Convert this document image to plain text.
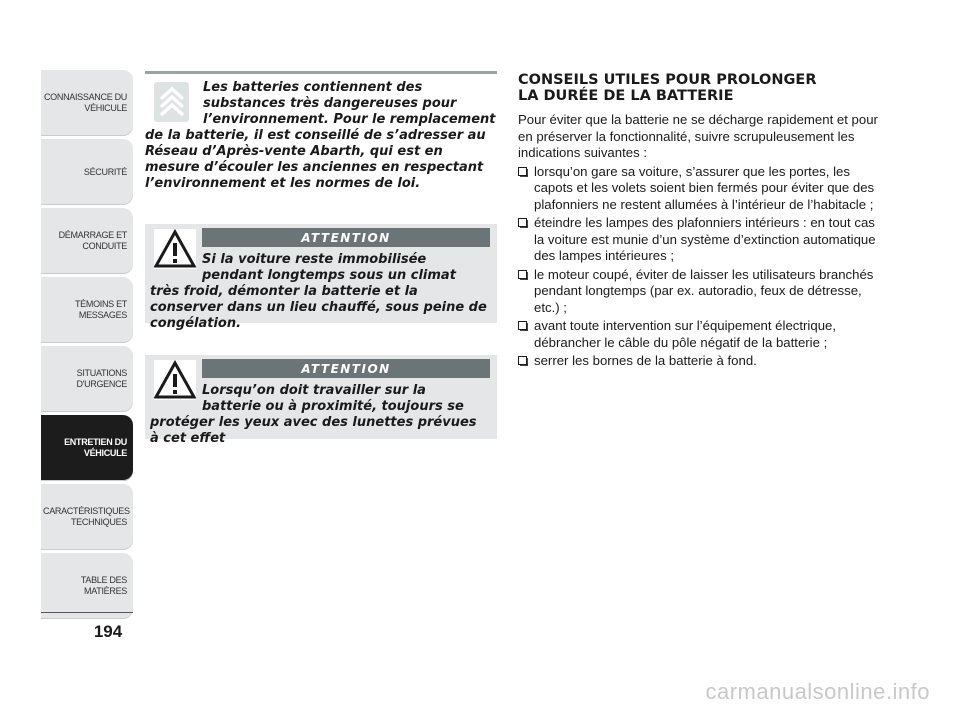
CONNAISSANCE DU VÉHICULE
SÉCURITÉ
DÉMARRAGE ET CONDUITE
TÉMOINS ET MESSAGES
SITUATIONS D'URGENCE
ENTRETIEN DU VÉHICULE
CARACTÉRISTIQUES TECHNIQUES
TABLE DES MATIÈRES
194

Les batteries contiennent des substances très dangereuses pour l’environnement. Pour le remplacement de la batterie, il est conseillé de s’adresser au Réseau d’Après-vente Abarth, qui est en mesure d’écouler les anciennes en respectant l’environnement et les normes de loi.

ATTENTION

Si la voiture reste immobilisée pendant longtemps sous un climat très froid, démonter la batterie et la conserver dans un lieu chauffé, sous peine de congélation.

ATTENTION

Lorsqu’on doit travailler sur la batterie ou à proximité, toujours se protéger les yeux avec des lunettes prévues à cet effet

CONSEILS UTILES POUR PROLONGER
LA DURÉE DE LA BATTERIE

Pour éviter que la batterie ne se décharge rapidement et pour en préserver la fonctionnalité, suivre scrupuleusement les indications suivantes :

lorsqu’on gare sa voiture, s’assurer que les portes, les capots et les volets soient bien fermés pour éviter que des plafonniers ne restent allumées à l’intérieur de l’habitacle ;
éteindre les lampes des plafonniers intérieurs : en tout cas la voiture est munie d’un système d’extinction automatique des lampes intérieures ;
le moteur coupé, éviter de laisser les utilisateurs branchés pendant longtemps (par ex. autoradio, feux de détresse, etc.) ;
avant toute intervention sur l’équipement électrique, débrancher le câble du pôle négatif de la batterie ;
serrer les bornes de la batterie à fond.
carmanualsonline.info
